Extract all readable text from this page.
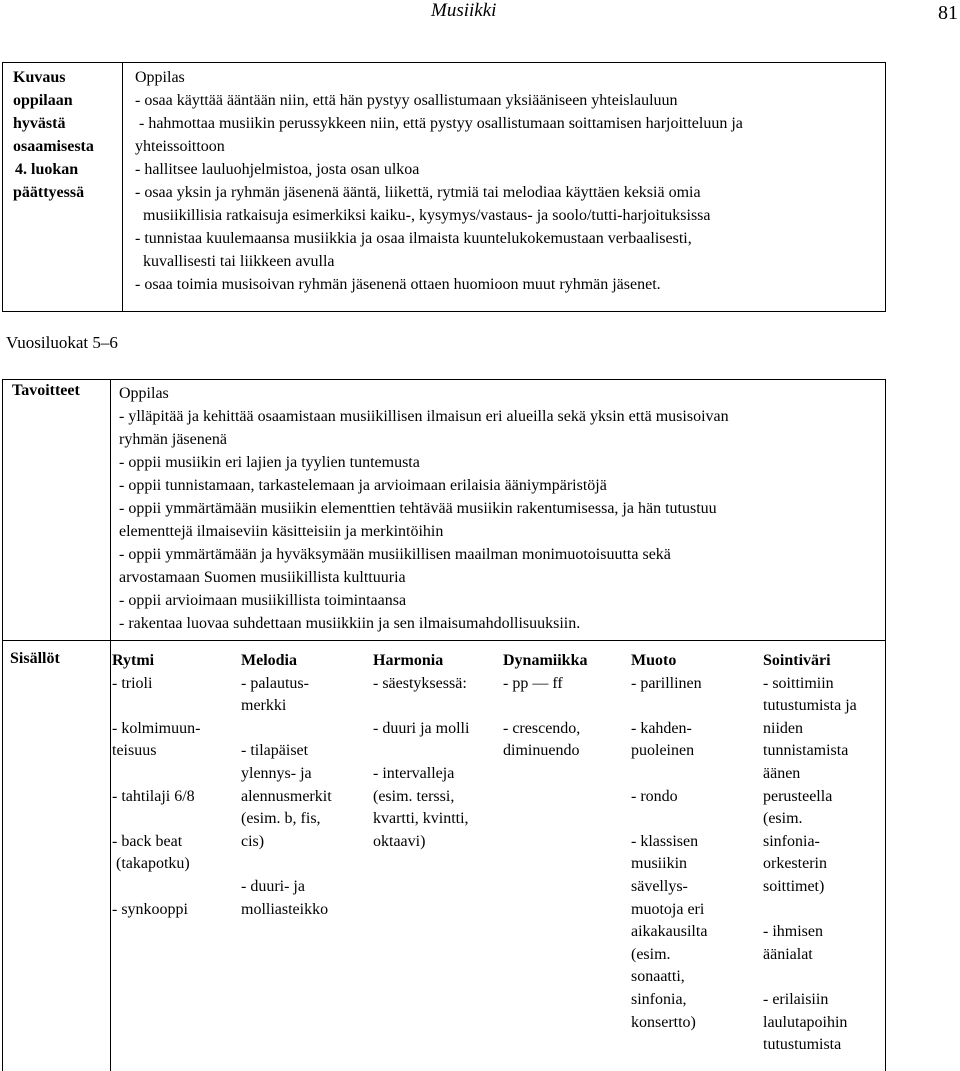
Musiikki	81
Kuvaus
oppilaan
hyvästä
osaamisesta
4. luokan
päättyessä
Oppilas
- osaa käyttää ääntään niin, että hän pystyy osallistumaan yksiääniseen yhteislauluun
- hahmottaa musiikin perussykkeen niin, että pystyy osallistumaan soittamisen harjoitteluun ja
yhteissoittoon
- hallitsee lauluohjelmistoa, josta osan ulkoa
- osaa yksin ja ryhmän jäsenenä ääntä, liikettä, rytmiä tai melodiaa käyttäen keksiä omia
musiikillisia ratkaisuja esimerkiksi kaiku-, kysymys/vastaus- ja soolo/tutti-harjoituksissa
- tunnistaa kuulemaansa musiikkia ja osaa ilmaista kuuntelukokemustaan verbaalisesti,
kuvallisesti tai liikkeen avulla
- osaa toimia musisoivan ryhmän jäsenenä ottaen huomioon muut ryhmän jäsenet.
Vuosiluokat 5–6
Tavoitteet Oppilas
- ylläpitää ja kehittää osaamistaan musiikillisen ilmaisun eri alueilla sekä yksin että musisoivan
ryhmän jäsenenä
- oppii musiikin eri lajien ja tyylien tuntemusta
- oppii tunnistamaan, tarkastelemaan ja arvioimaan erilaisia ääniympäristöjä
- oppii ymmärtämään musiikin elementtien tehtävää musiikin rakentumisessa, ja hän tutustuu
elementtejä ilmaiseviin käsitteisiin ja merkintöihin
- oppii ymmärtämään ja hyväksymään musiikillisen maailman monimuotoisuutta sekä
arvostamaan Suomen musiikillista kulttuuria
- oppii arvioimaan musiikillista toimintaansa
- rakentaa luovaa suhdettaan musiikkiin ja sen ilmaisumahdollisuuksiin.
Sisällöt	Rytmi
- trioli
- kolmimuun-
teisuus
- tahtilaji 6/8
- back beat
(takapotku)
- synkooppi
Melodia
- palautus-
merkki
- tilapäiset
ylennys- ja
alennusmerkit
(esim. b, fis,
cis)
- duuri- ja
molliasteikko
Harmonia
- säestyksessä:
- duuri ja molli
- intervalleja
(esim. terssi,
kvartti, kvintti,
oktaavi)
Dynamiikka
- pp — ff
- crescendo,
diminuendo
Muoto
- parillinen
- kahden-
puoleinen
- rondo
- klassisen
musiikin
sävellys-
muotoja eri
aikakausilta
(esim.
sonaatti,
sinfonia,
konsertto)
Sointiväri
- soittimiin
tutustumista ja
niiden
tunnistamista
äänen
perusteella
(esim.
sinfonia-
orkesterin
soittimet)
- ihmisen
äänialat
- erilaisiin
laulutapoihin
tutustumista
